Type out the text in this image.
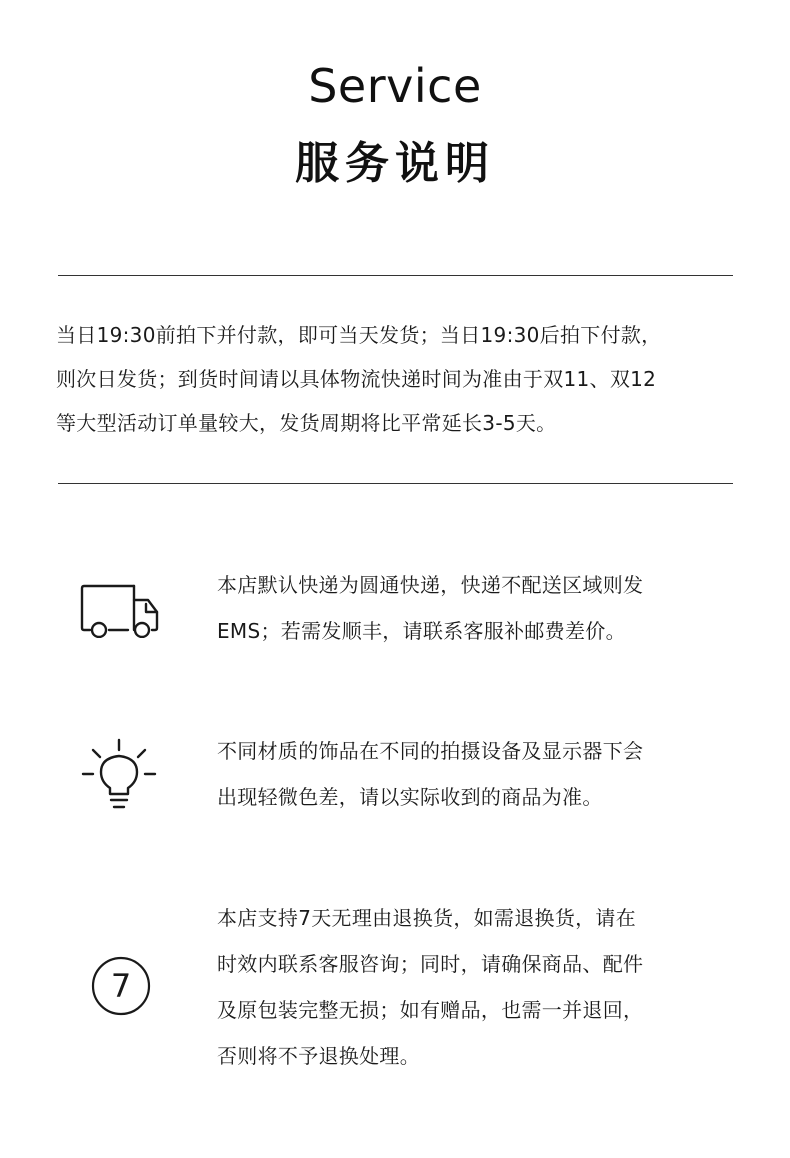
Service
服务说明
当日19:30前拍下并付款，即可当天发货；当日19:30后拍下付款，
则次日发货；到货时间请以具体物流快递时间为准由于双11、双12
等大型活动订单量较大，发货周期将比平常延长3-5天。
本店默认快递为圆通快递，快递不配送区域则发
EMS；若需发顺丰，请联系客服补邮费差价。
不同材质的饰品在不同的拍摄设备及显示器下会
出现轻微色差，请以实际收到的商品为准。
7
本店支持7天无理由退换货，如需退换货，请在
时效内联系客服咨询；同时，请确保商品、配件
及原包装完整无损；如有赠品，也需一并退回，
否则将不予退换处理。
